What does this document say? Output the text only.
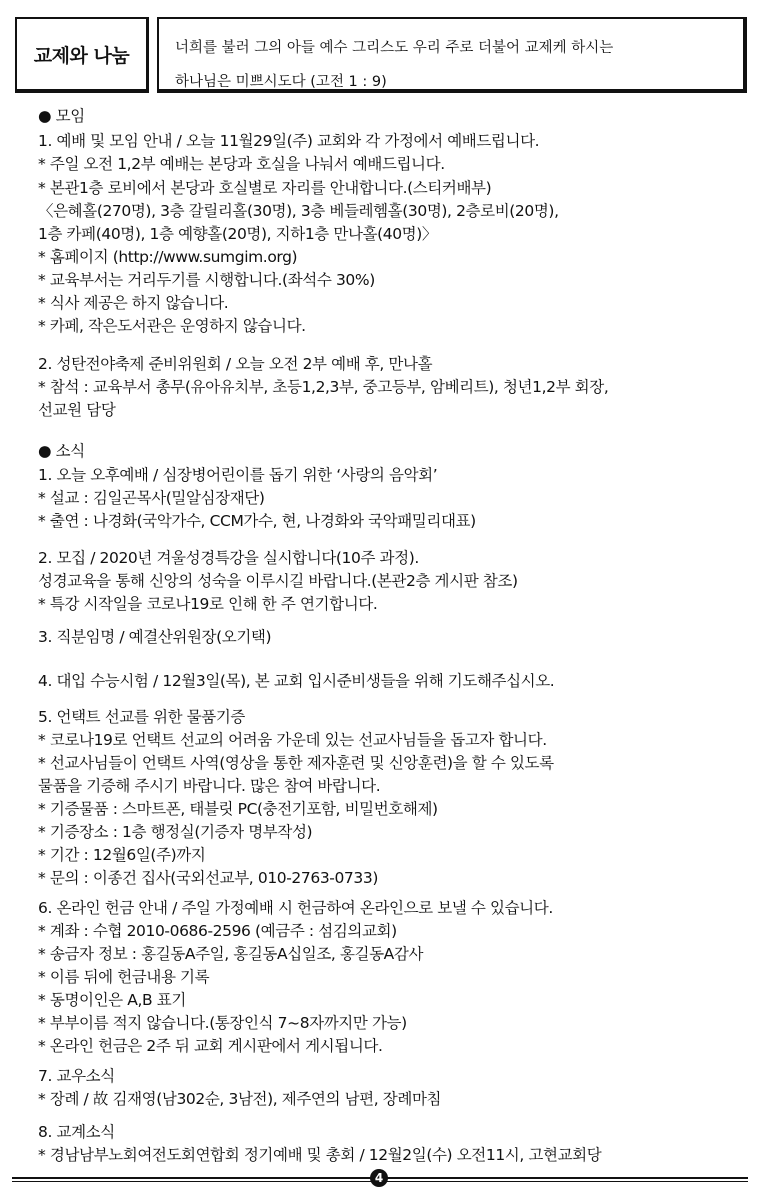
교제와 나눔	너희를 불러 그의 아들 예수 그리스도 우리 주로 더불어 교제케 하시는
하나님은 미쁘시도다 (고전 1 : 9)
● 모임
1. 예배 및 모임 안내 / 오늘 11월29일(주) 교회와 각 가정에서 예배드립니다.
* 주일 오전 1,2부 예배는 본당과 호실을 나눠서 예배드립니다.
* 본관1층 로비에서 본당과 호실별로 자리를 안내합니다.(스티커배부)
〈은혜홀(270명), 3층 갈릴리홀(30명), 3층 베들레헴홀(30명), 2층로비(20명),
1층 카페(40명), 1층 예향홀(20명), 지하1층 만나홀(40명)〉
* 홈페이지 (http://www.sumgim.org)
* 교육부서는 거리두기를 시행합니다.(좌석수 30%)
* 식사 제공은 하지 않습니다.
* 카페, 작은도서관은 운영하지 않습니다.
2. 성탄전야축제 준비위원회 / 오늘 오전 2부 예배 후, 만나홀
* 참석 : 교육부서 총무(유아유치부, 초등1,2,3부, 중고등부, 암베리트), 청년1,2부 회장,
선교원 담당
● 소식
1. 오늘 오후예배 / 심장병어린이를 돕기 위한 ‘사랑의 음악회’
* 설교 : 김일곤목사(밀알심장재단)
* 출연 : 나경화(국악가수, CCM가수, 현, 나경화와 국악패밀리대표)
2. 모집 / 2020년 겨울성경특강을 실시합니다(10주 과정).
성경교육을 통해 신앙의 성숙을 이루시길 바랍니다.(본관2층 게시판 참조)
* 특강 시작일을 코로나19로 인해 한 주 연기합니다.
3. 직분임명 / 예결산위원장(오기택)
4. 대입 수능시험 / 12월3일(목), 본 교회 입시준비생들을 위해 기도해주십시오.
5. 언택트 선교를 위한 물품기증
* 코로나19로 언택트 선교의 어려움 가운데 있는 선교사님들을 돕고자 합니다.
* 선교사님들이 언택트 사역(영상을 통한 제자훈련 및 신앙훈련)을 할 수 있도록
물품을 기증해 주시기 바랍니다. 많은 참여 바랍니다.
* 기증물품 : 스마트폰, 태블릿 PC(충전기포함, 비밀번호해제)
* 기증장소 : 1층 행정실(기증자 명부작성)
* 기간 : 12월6일(주)까지
* 문의 : 이종건 집사(국외선교부, 010-2763-0733)
6. 온라인 헌금 안내 / 주일 가정예배 시 헌금하여 온라인으로 보낼 수 있습니다.
* 계좌 : 수협 2010-0686-2596 (예금주 : 섬김의교회)
* 송금자 정보 : 홍길동A주일, 홍길동A십일조, 홍길동A감사
* 이름 뒤에 헌금내용 기록
* 동명이인은 A,B 표기
* 부부이름 적지 않습니다.(통장인식 7~8자까지만 가능)
* 온라인 헌금은 2주 뒤 교회 게시판에서 게시됩니다.
7. 교우소식
* 장례 / 故 김재영(남302순, 3남전), 제주연의 남편, 장례마침
8. 교계소식
* 경남남부노회여전도회연합회 정기예배 및 총회 / 12월2일(수) 오전11시, 고현교회당
4
